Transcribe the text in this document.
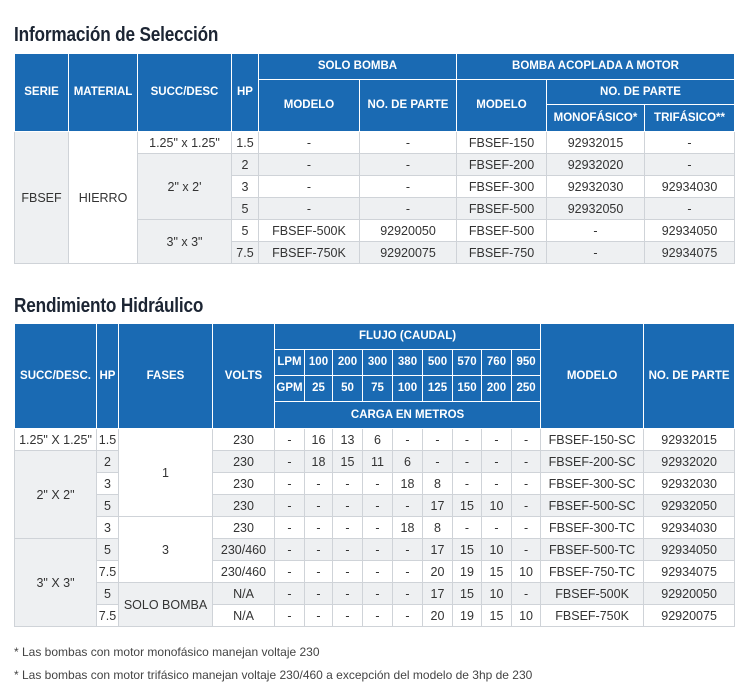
Información de Selección
SERIE	MATERIAL	SUCC/DESC	HP	SOLO BOMBA		BOMBA ACOPLADA A MOTOR		
				MODELO	NO. DE PARTE	MODELO	NO. DE PARTE	
							MONOFÁSICO*	TRIFÁSICO**
FBSEF	HIERRO	1.25" x 1.25"	1.5	-	-	FBSEF-150	92932015	-
		2" x 2'	2	-	-	FBSEF-200	92932020	-
			3	-	-	FBSEF-300	92932030	92934030
			5	-	-	FBSEF-500	92932050	-
		3" x 3"	5	FBSEF-500K	92920050	FBSEF-500	-	92934050
			7.5	FBSEF-750K	92920075	FBSEF-750	-	92934075
Rendimiento Hidráulico
SUCC/DESC.	HP	FASES	VOLTS	FLUJO (CAUDAL)									MODELO	NO. DE PARTE
				LPM	100	200	300	380	500	570	760	950		
				GPM	25	50	75	100	125	150	200	250		
				CARGA EN METROS										
1.25" X 1.25"	1.5	1	230	-	16	13	6	-	-	-	-	-	FBSEF-150-SC	92932015
2" X 2"	2		230	-	18	15	11	6	-	-	-	-	FBSEF-200-SC	92932020
	3		230	-	-	-	-	18	8	-	-	-	FBSEF-300-SC	92932030
	5		230	-	-	-	-	-	17	15	10	-	FBSEF-500-SC	92932050
	3	3	230	-	-	-	-	18	8	-	-	-	FBSEF-300-TC	92934030
3" X 3"	5		230/460	-	-	-	-	-	17	15	10	-	FBSEF-500-TC	92934050
	7.5		230/460	-	-	-	-	-	20	19	15	10	FBSEF-750-TC	92934075
	5	SOLO BOMBA	N/A	-	-	-	-	-	17	15	10	-	FBSEF-500K	92920050
	7.5		N/A	-	-	-	-	-	20	19	15	10	FBSEF-750K	92920075

* Las bombas con motor monofásico manejan voltaje 230

* Las bombas con motor trifásico manejan voltaje 230/460 a excepción del modelo de 3hp de 230
